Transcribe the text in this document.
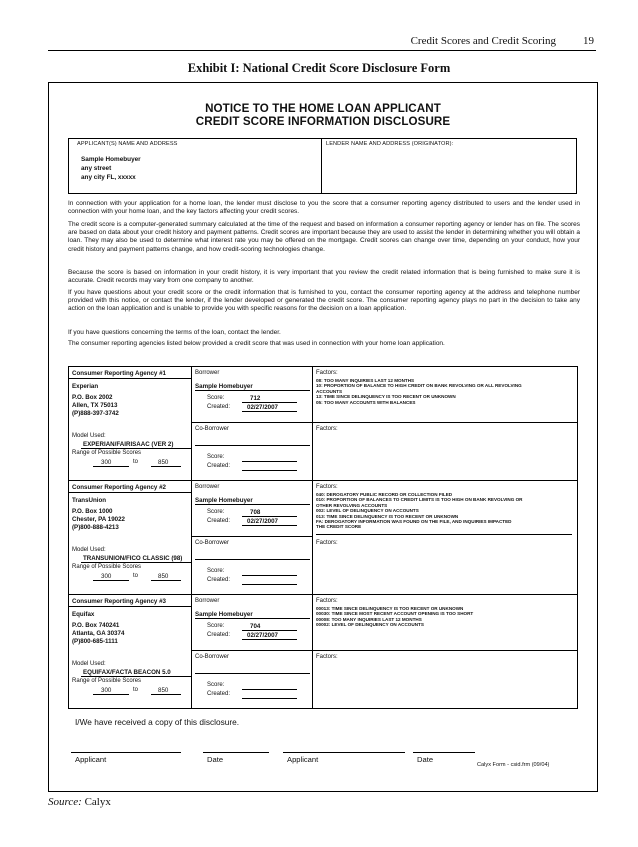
Credit Scores and Credit Scoring 19
Exhibit I: National Credit Score Disclosure Form
NOTICE TO THE HOME LOAN APPLICANT
CREDIT SCORE INFORMATION DISCLOSURE
APPLICANT(S) NAME AND ADDRESS
Sample Homebuyer
any street
any city FL, xxxxx
LENDER NAME AND ADDRESS (ORIGINATOR):
In connection with your application for a home loan, the lender must disclose to you the score that a consumer reporting agency distributed to users and the lender used in connection with your home loan, and the key factors affecting your credit scores.
The credit score is a computer-generated summary calculated at the time of the request and based on information a consumer reporting agency or lender has on file. The scores are based on data about your credit history and payment patterns. Credit scores are important because they are used to assist the lender in determining whether you will obtain a loan. They may also be used to determine what interest rate you may be offered on the mortgage. Credit scores can change over time, depending on your conduct, how your credit history and payment patterns change, and how credit-scoring technologies change.
Because the score is based on information in your credit history, it is very important that you review the credit related information that is being furnished to make sure it is accurate. Credit records may vary from one company to another.
If you have questions about your credit score or the credit information that is furnished to you, contact the consumer reporting agency at the address and telephone number provided with this notice, or contact the lender, if the lender developed or generated the credit score. The consumer reporting agency plays no part in the decision to take any action on the loan application and is unable to provide you with specific reasons for the decision on a loan application.
If you have questions concerning the terms of the loan, contact the lender.
The consumer reporting agencies listed below provided a credit score that was used in connection with your home loan application.
Consumer Reporting Agency #1
Experian
P.O. Box 2002
Allen, TX 75013
(P)888-397-3742
Model Used:
EXPERIAN/FAIRISAAC (VER 2)
Range of Possible Scores
300	to	850
Borrower
Sample Homebuyer
Score:	712
Created:	02/27/2007
Co-Borrower
Score:
Created:
Factors:
08: TOO MANY INQUIRIES LAST 12 MONTHS
10: PROPORTION OF BALANCE TO HIGH CREDIT ON BANK REVOLVING OR ALL REVOLVING
ACCOUNTS
13: TIME SINCE DELINQUENCY IS TOO RECENT OR UNKNOWN
05: TOO MANY ACCOUNTS WITH BALANCES
Factors:
Consumer Reporting Agency #2
TransUnion
P.O. Box 1000
Chester, PA 19022
(P)800-888-4213
Model Used:
TRANSUNION/FICO CLASSIC (98)
Range of Possible Scores
300	to	850
Borrower
Sample Homebuyer
Score:	708
Created:	02/27/2007
Co-Borrower
Score:
Created:
Factors:
040: DEROGATORY PUBLIC RECORD OR COLLECTION FILED
010: PROPORTION OF BALANCES TO CREDIT LIMITS IS TOO HIGH ON BANK REVOLVING OR
OTHER REVOLVING ACCOUNTS
002: LEVEL OF DELINQUENCY ON ACCOUNTS
013: TIME SINCE DELINQUENCY IS TOO RECENT OR UNKNOWN
FA: DEROGATORY INFORMATION WAS FOUND ON THE FILE, AND INQUIRIES IMPACTED
THE CREDIT SCORE
Factors:
Consumer Reporting Agency #3
Equifax
P.O. Box 740241
Atlanta, GA 30374
(P)800-685-1111
Model Used:
EQUIFAX/FACTA BEACON 5.0
Range of Possible Scores
300	to	850
Borrower
Sample Homebuyer
Score:	704
Created:	02/27/2007
Co-Borrower
Score:
Created:
Factors:
00013: TIME SINCE DELINQUENCY IS TOO RECENT OR UNKNOWN
00030: TIME SINCE MOST RECENT ACCOUNT OPENING IS TOO SHORT
00008: TOO MANY INQUIRIES LAST 12 MONTHS
00002: LEVEL OF DELINQUENCY ON ACCOUNTS
Factors:
I/We have received a copy of this disclosure.
Applicant	Date	Applicant	Date
Calyx Form - csid.frm (09/04)
Source: Calyx
